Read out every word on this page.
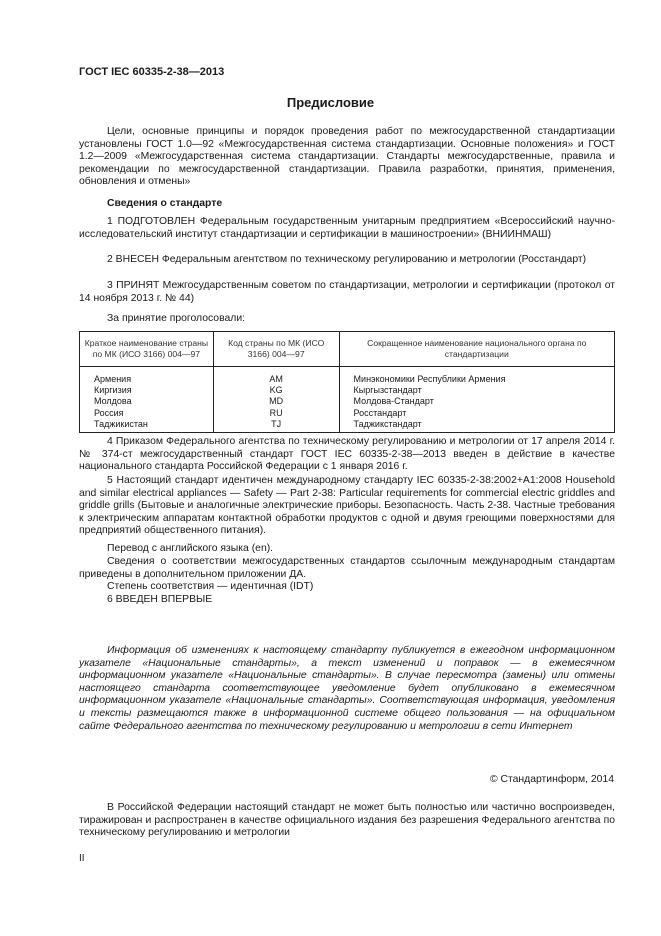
ГОСТ IEC 60335-2-38—2013
Предисловие

Цели, основные принципы и порядок проведения работ по межгосударственной стандартизации установлены ГОСТ 1.0—92 «Межгосударственная система стандартизации. Основные положения» и ГОСТ 1.2—2009 «Межгосударственная система стандартизации. Стандарты межгосударственные, правила и рекомендации по межгосударственной стандартизации. Правила разработки, принятия, применения, обновления и отмены»

Сведения о стандарте

1 ПОДГОТОВЛЕН Федеральным государственным унитарным предприятием «Всероссийский научно-исследовательский институт стандартизации и сертификации в машиностроении» (ВНИИНМАШ)

2 ВНЕСЕН Федеральным агентством по техническому регулированию и метрологии (Росстандарт)

3 ПРИНЯТ Межгосударственным советом по стандартизации, метрологии и сертификации (протокол от 14 ноября 2013 г. № 44)

За принятие проголосовали:

Краткое наименование страны по МК (ИСО 3166) 004—97	Код страны по МК (ИСО 3166) 004—97	Сокращенное наименование национального органа по стандартизации
Армения	AM	Минэкономики Республики Армения
Киргизия	KG	Кыргызстандарт
Молдова	MD	Молдова-Стандарт
Россия	RU	Росстандарт
Таджикистан	TJ	Таджикстандарт

4 Приказом Федерального агентства по техническому регулированию и метрологии от 17 апреля 2014 г. № 374-ст межгосударственный стандарт ГОСТ IEC 60335-2-38—2013 введен в действие в качестве национального стандарта Российской Федерации с 1 января 2016 г.

5 Настоящий стандарт идентичен международному стандарту IEC 60335-2-38:2002+A1:2008 Household and similar electrical appliances — Safety — Part 2-38: Particular requirements for commercial electric griddles and griddle grills (Бытовые и аналогичные электрические приборы. Безопасность. Часть 2-38. Частные требования к электрическим аппаратам контактной обработки продуктов с одной и двумя греющими поверхностями для предприятий общественного питания).

Перевод с английского языка (en).

Сведения о соответствии межгосударственных стандартов ссылочным международным стандартам приведены в дополнительном приложении ДА.

Степень соответствия — идентичная (IDT)

6 ВВЕДЕН ВПЕРВЫЕ

Информация об изменениях к настоящему стандарту публикуется в ежегодном информационном указателе «Национальные стандарты», а текст изменений и поправок — в ежемесячном информационном указателе «Национальные стандарты». В случае пересмотра (замены) или отмены настоящего стандарта соответствующее уведомление будет опубликовано в ежемесячном информационном указателе «Национальные стандарты». Соответствующая информация, уведомления и тексты размещаются также в информационной системе общего пользования — на официальном сайте Федерального агентства по техническому регулированию и метрологии в сети Интернет

© Стандартинформ, 2014

В Российской Федерации настоящий стандарт не может быть полностью или частично воспроизведен, тиражирован и распространен в качестве официального издания без разрешения Федерального агентства по техническому регулированию и метрологии

II
